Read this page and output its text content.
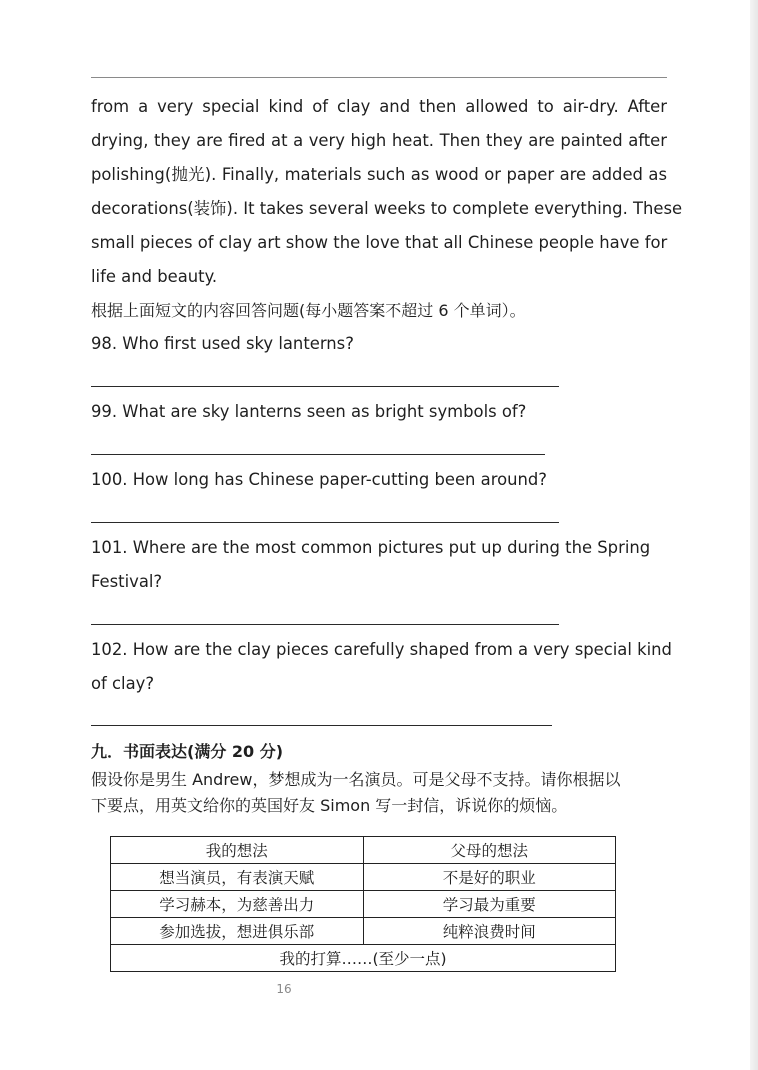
from a very special kind of clay and then allowed to air-dry. After
drying, they are fired at a very high heat. Then they are painted after
polishing(抛光). Finally, materials such as wood or paper are added as
decorations(装饰). It takes several weeks to complete everything. These
small pieces of clay art show the love that all Chinese people have for
life and beauty.
根据上面短文的内容回答问题(每小题答案不超过 6 个单词）。
98. Who first used sky lanterns?
99. What are sky lanterns seen as bright symbols of?
100. How long has Chinese paper-cutting been around?
101. Where are the most common pictures put up during the Spring
Festival?
102. How are the clay pieces carefully shaped from a very special kind
of clay?
九．书面表达(满分 20 分)
假设你是男生 Andrew，梦想成为一名演员。可是父母不支持。请你根据以
下要点，用英文给你的英国好友 Simon 写一封信，诉说你的烦恼。
我的想法	父母的想法
想当演员，有表演天赋	不是好的职业
学习赫本，为慈善出力	学习最为重要
参加选拔，想进俱乐部	纯粹浪费时间
我的打算……(至少一点)	
16
